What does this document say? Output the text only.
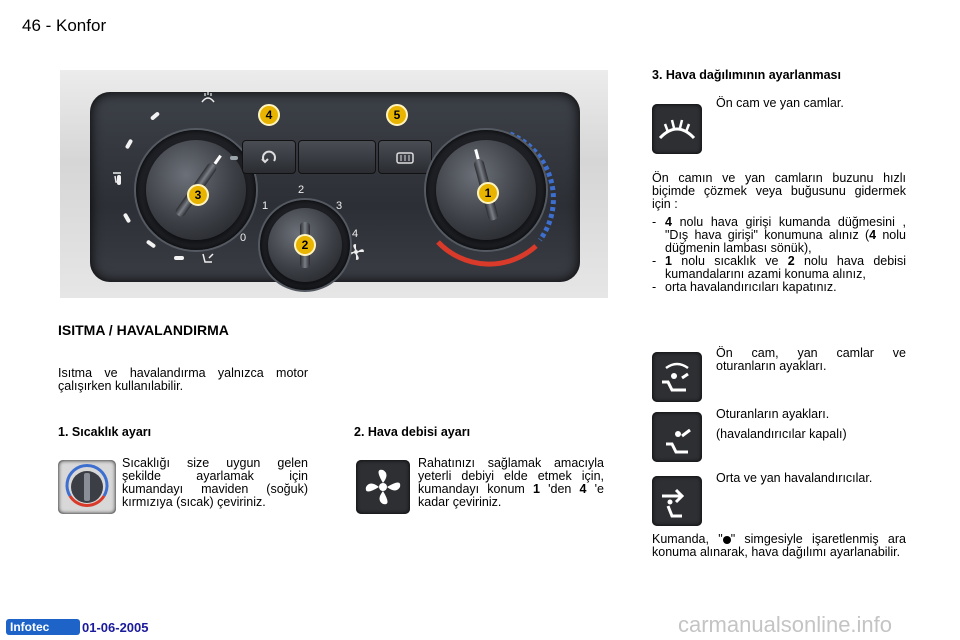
46 - Konfor
3
4	5
0
1
2
3
4
2
1
ISITMA / HAVALANDIRMA
Isıtma ve havalandırma yalnızca motor çalışırken kullanılabilir.
1. Sıcaklık ayarı
Sıcaklığı size uygun gelen şekilde ayarlamak için kumandayı maviden (soğuk) kırmızıya (sıcak) çeviriniz.
2. Hava debisi ayarı
Rahatınızı sağlamak amacıyla yeterli debiyi elde etmek için, kumandayı konum 1 'den 4 'e kadar çeviriniz.
3. Hava dağılımının ayarlanması
Ön cam ve yan camlar.
Ön camın ve yan camların buzunu hızlı biçimde çözmek veya buğusunu gidermek için :
- 4 nolu hava girişi kumanda düğmesini , "Dış hava girişi" konumuna alınız (4 nolu düğmenin lambası sönük),
- 1 nolu sıcaklık ve 2 nolu hava debisi kumandalarını azami konuma alınız,
- orta havalandırıcıları kapatınız.
Ön cam, yan camlar ve oturanların ayakları.
Oturanların ayakları.
(havalandırıcılar kapalı)
Orta ve yan havalandırıcılar.
Kumanda, " " simgesiyle işaretlenmiş ara konuma alınarak, hava dağılımı ayarlanabilir.
Infotec	01-06-2005	carmanualsonline.info
